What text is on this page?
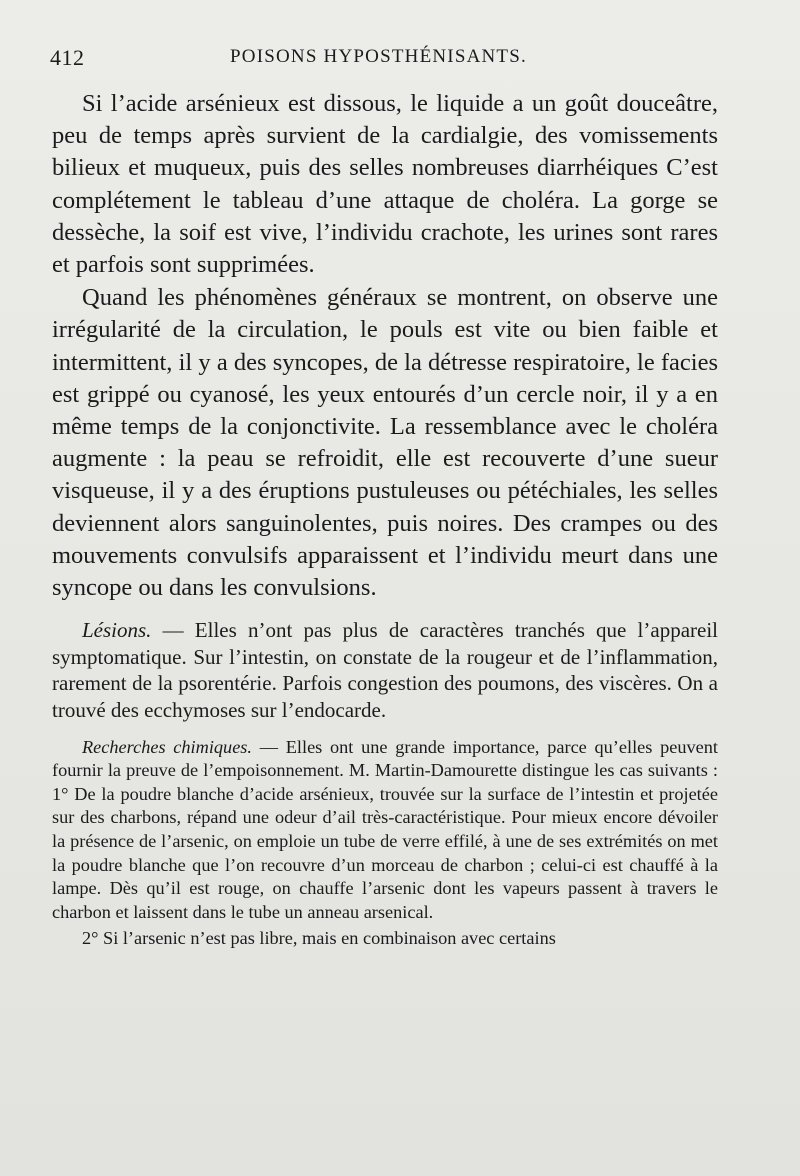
412	POISONS HYPOSTHÉNISANTS.

Si l’acide arsénieux est dissous, le liquide a un goût douceâtre, peu de temps après survient de la cardialgie, des vomissements bilieux et muqueux, puis des selles nombreuses diarrhéiques C’est complétement le tableau d’une attaque de choléra. La gorge se dessèche, la soif est vive, l’individu crachote, les urines sont rares et parfois sont supprimées.

Quand les phénomènes généraux se montrent, on observe une irrégularité de la circulation, le pouls est vite ou bien faible et intermittent, il y a des syncopes, de la détresse respiratoire, le facies est grippé ou cyanosé, les yeux entourés d’un cercle noir, il y a en même temps de la conjonctivite. La ressemblance avec le choléra augmente : la peau se refroidit, elle est recouverte d’une sueur visqueuse, il y a des éruptions pustuleuses ou pétéchiales, les selles deviennent alors sanguinolentes, puis noires. Des crampes ou des mouvements convulsifs apparaissent et l’individu meurt dans une syncope ou dans les convulsions.

Lésions. — Elles n’ont pas plus de caractères tranchés que l’appareil symptomatique. Sur l’intestin, on constate de la rougeur et de l’inflammation, rarement de la psorentérie. Parfois congestion des poumons, des viscères. On a trouvé des ecchymoses sur l’endocarde.

Recherches chimiques. — Elles ont une grande importance, parce qu’elles peuvent fournir la preuve de l’empoisonnement. M. Martin-Damourette distingue les cas suivants : 1° De la poudre blanche d’acide arsénieux, trouvée sur la surface de l’intestin et projetée sur des charbons, répand une odeur d’ail très-caractéristique. Pour mieux encore dévoiler la présence de l’arsenic, on emploie un tube de verre effilé, à une de ses extrémités on met la poudre blanche que l’on recouvre d’un morceau de charbon ; celui-ci est chauffé à la lampe. Dès qu’il est rouge, on chauffe l’arsenic dont les vapeurs passent à travers le charbon et laissent dans le tube un anneau arsenical.

2° Si l’arsenic n’est pas libre, mais en combinaison avec certains
